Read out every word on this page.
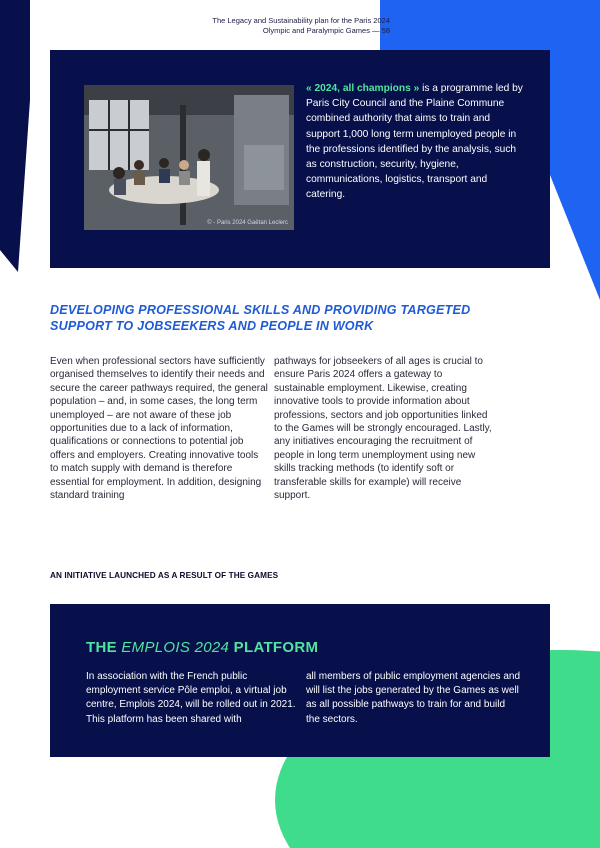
The Legacy and Sustainability plan for the Paris 2024
Olympic and Paralympic Games — 58
© - Paris 2024 Gaëtan Leclerc
« 2024, all champions » is a programme led by Paris City Council and the Plaine Commune combined authority that aims to train and support 1,000 long term unemployed people in the professions identified by the analysis, such as construction, security, hygiene, communications, logistics, transport and catering.
DEVELOPING PROFESSIONAL SKILLS AND PROVIDING TARGETED SUPPORT TO JOBSEEKERS AND PEOPLE IN WORK
Even when professional sectors have sufficiently organised themselves to identify their needs and secure the career pathways required, the general population – and, in some cases, the long term unemployed – are not aware of these job opportunities due to a lack of information, qualifications or connections to potential job offers and employers. Creating innovative tools to match supply with demand is therefore essential for employment. In addition, designing standard training
pathways for jobseekers of all ages is crucial to ensure Paris 2024 offers a gateway to sustainable employment. Likewise, creating innovative tools to provide information about professions, sectors and job opportunities linked to the Games will be strongly encouraged. Lastly, any initiatives encouraging the recruitment of people in long term unemployment using new skills tracking methods (to identify soft or transferable skills for example) will receive support.
AN INITIATIVE LAUNCHED AS A RESULT OF THE GAMES
THE EMPLOIS 2024 PLATFORM
In association with the French public employment service Pôle emploi, a virtual job centre, Emplois 2024, will be rolled out in 2021. This platform has been shared with
all members of public employment agencies and will list the jobs generated by the Games as well as all possible pathways to train for and build the sectors.
